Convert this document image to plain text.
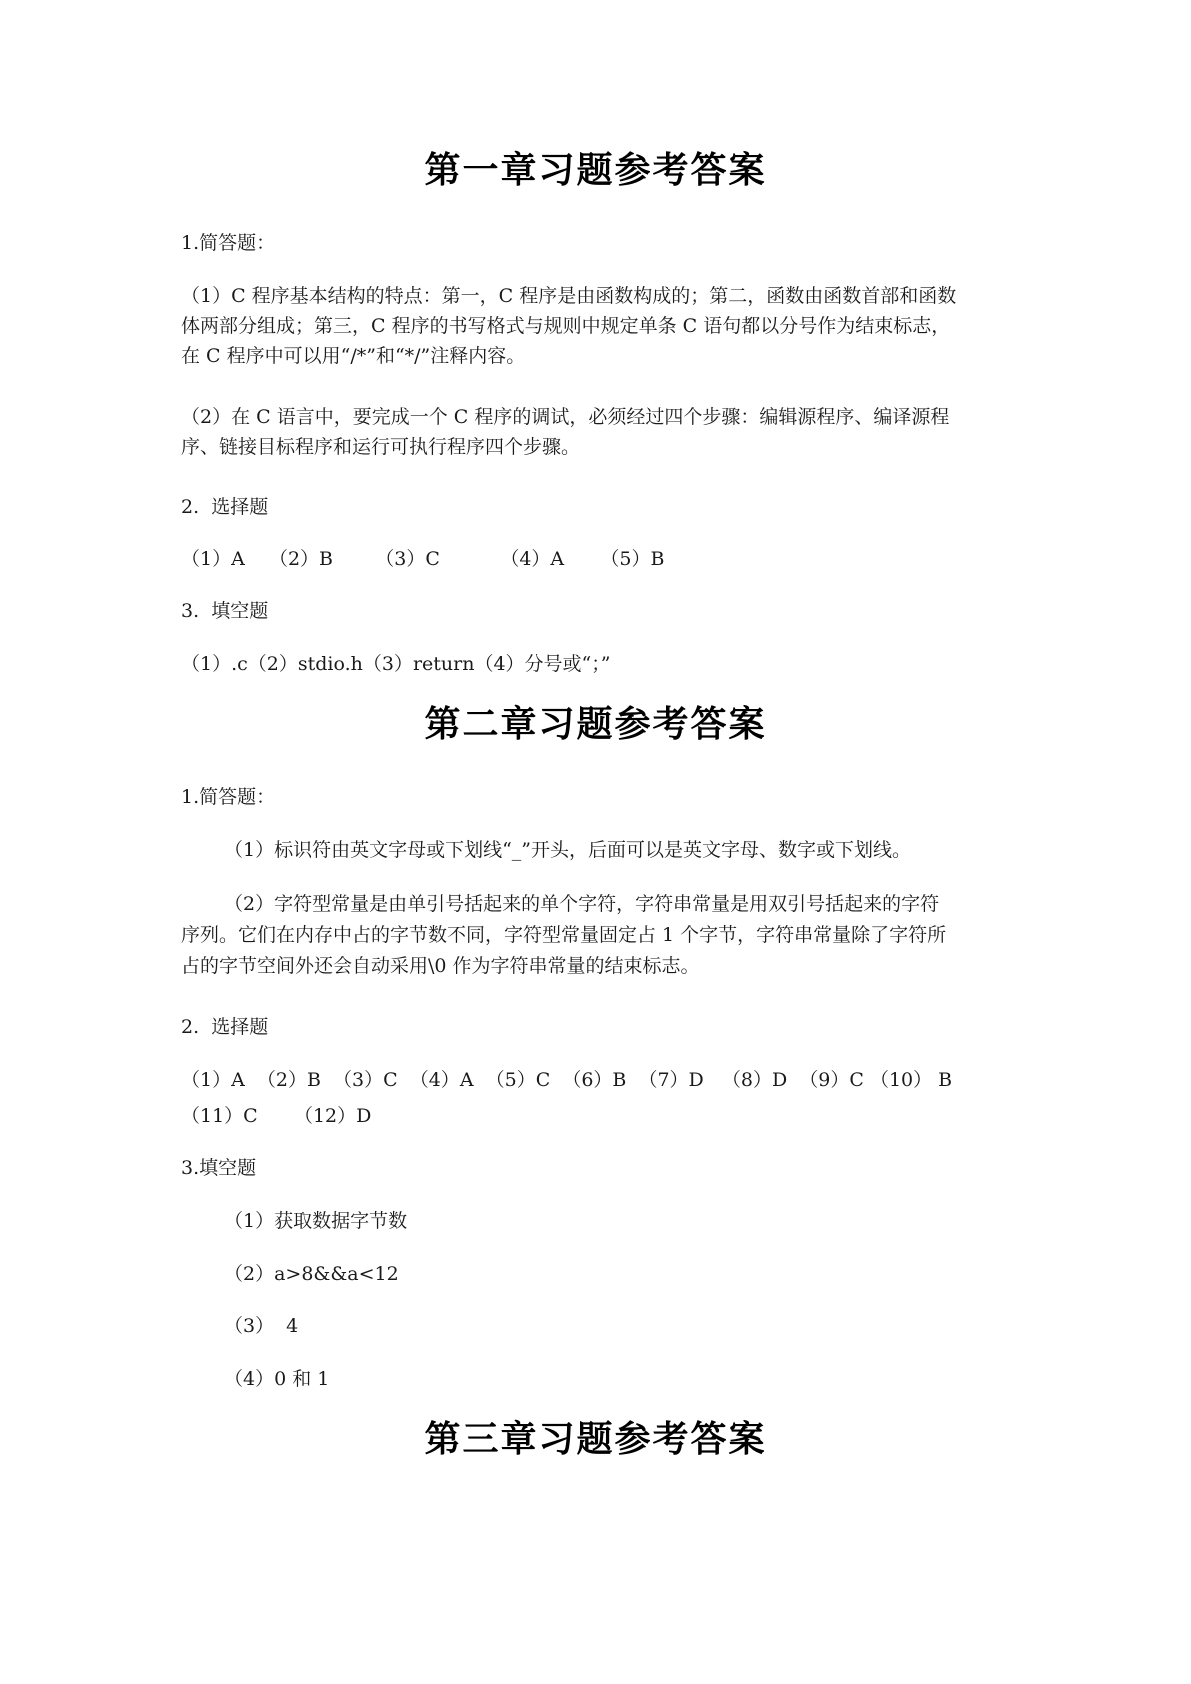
第一章习题参考答案

1.简答题：

（1）C 程序基本结构的特点：第一，C 程序是由函数构成的；第二，函数由函数首部和函数

体两部分组成；第三，C 程序的书写格式与规则中规定单条 C 语句都以分号作为结束标志，

在 C 程序中可以用“/*”和“*/”注释内容。

（2）在 C 语言中，要完成一个 C 程序的调试，必须经过四个步骤：编辑源程序、编译源程

序、链接目标程序和运行可执行程序四个步骤。

2.  选择题

（1）A    （2）B       （3）C          （4）A      （5）B

3.  填空题

（1）.c（2）stdio.h（3）return（4）分号或“；”

第二章习题参考答案

1.简答题：

（1）标识符由英文字母或下划线“_”开头，后面可以是英文字母、数字或下划线。

（2）字符型常量是由单引号括起来的单个字符，字符串常量是用双引号括起来的字符

序列。它们在内存中占的字节数不同，字符型常量固定占 1 个字节，字符串常量除了字符所

占的字节空间外还会自动采用\0 作为字符串常量的结束标志。

2.  选择题

（1）A  （2）B  （3）C  （4）A  （5）C  （6）B  （7）D   （8）D  （9）C （10） B

（11）C      （12）D

3.填空题

（1）获取数据字节数

（2）a>8&&a<12

（3）  4

（4）0 和 1

第三章习题参考答案
